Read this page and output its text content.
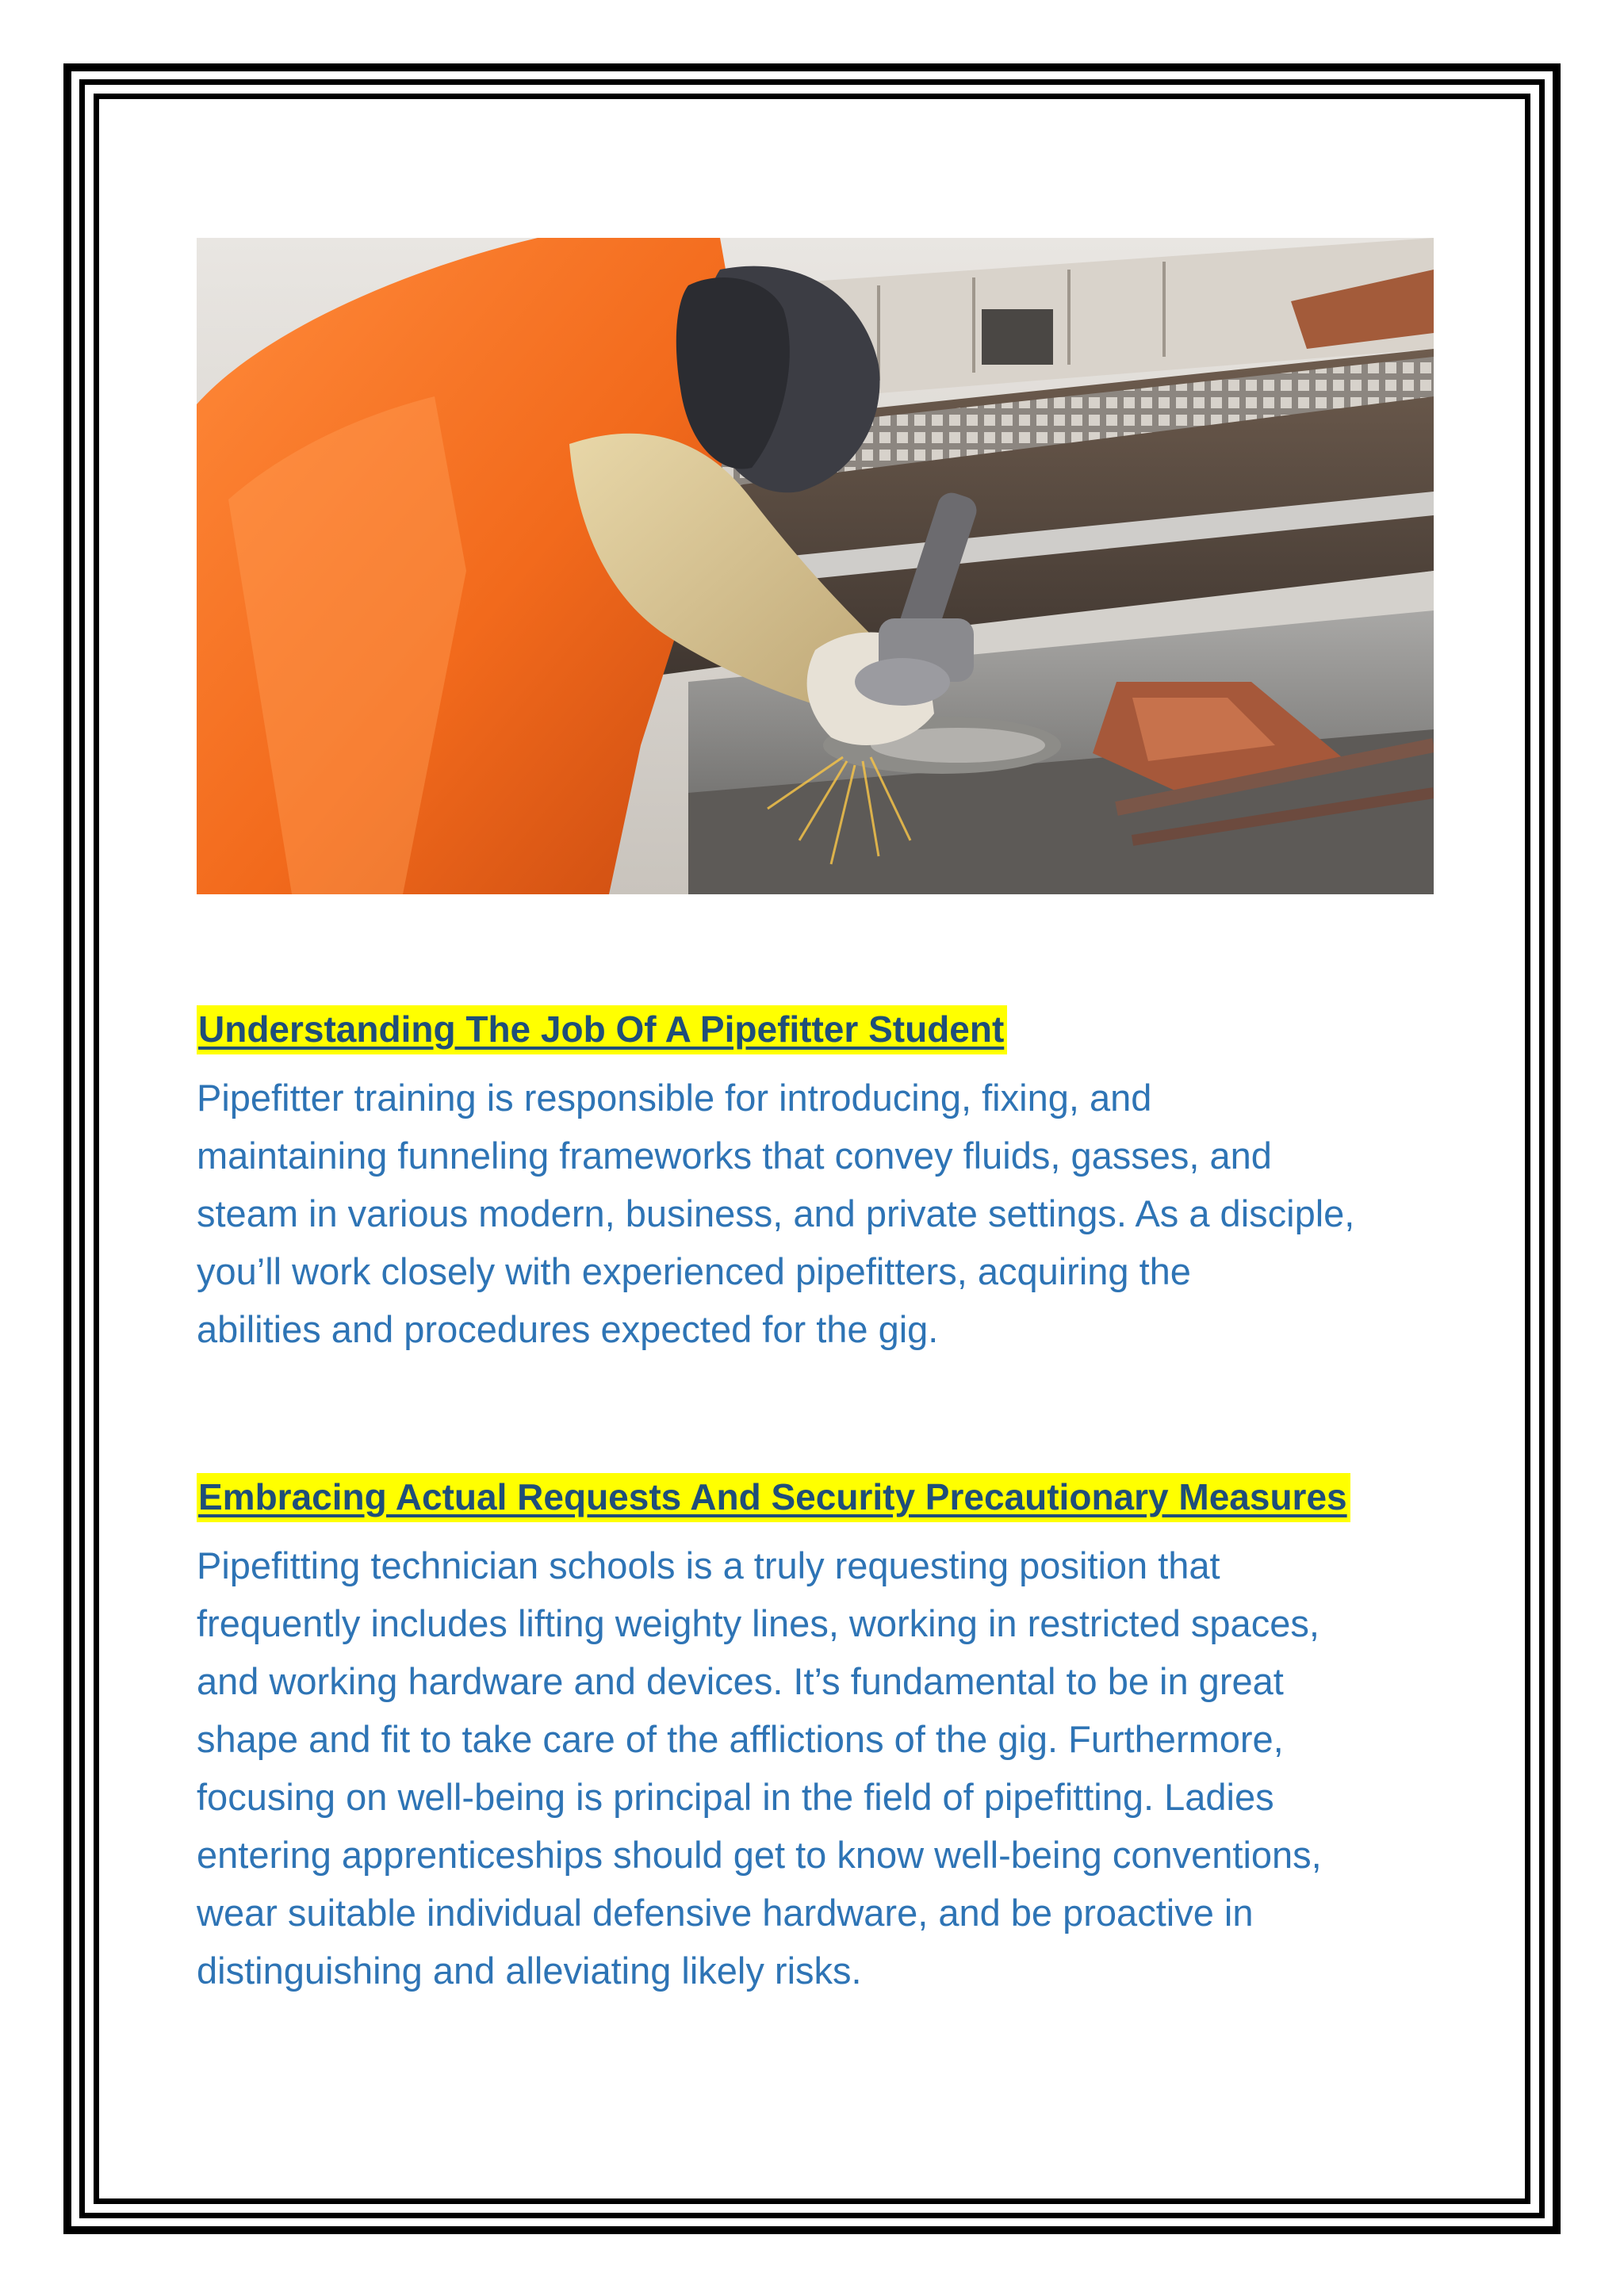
Understanding The Job Of A Pipefitter Student

Pipefitter training is responsible for introducing, fixing, and
maintaining funneling frameworks that convey fluids, gasses, and
steam in various modern, business, and private settings. As a disciple,
you’ll work closely with experienced pipefitters, acquiring the
abilities and procedures expected for the gig.

Embracing Actual Requests And Security Precautionary Measures

Pipefitting technician schools is a truly requesting position that
frequently includes lifting weighty lines, working in restricted spaces,
and working hardware and devices. It’s fundamental to be in great
shape and fit to take care of the afflictions of the gig. Furthermore,
focusing on well-being is principal in the field of pipefitting. Ladies
entering apprenticeships should get to know well-being conventions,
wear suitable individual defensive hardware, and be proactive in
distinguishing and alleviating likely risks.
